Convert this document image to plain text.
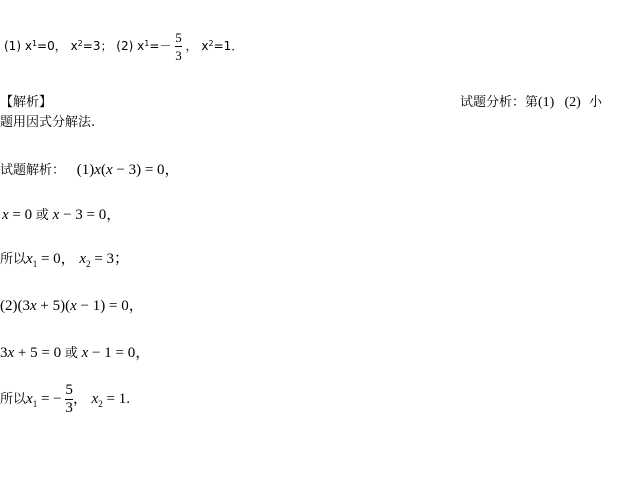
(1) $x^1=0$， $x^2=3$； (2) $x^1=- \frac{5}{3}$ ， $x^2=1$．
【解析】	试题分析：第(1) (2) 小
题用因式分解法.
试题解析： (1)x(x − 3) = 0，
x = 0 或 x − 3 = 0，
所以$x_1 = 0$， $x_2 = 3$；
(2)(3x + 5)(x − 1) = 0，
3x + 5 = 0 或 x − 1 = 0，
所以$x_1$ = − $\frac{5}{3}$ ， $x_2 = 1$.
